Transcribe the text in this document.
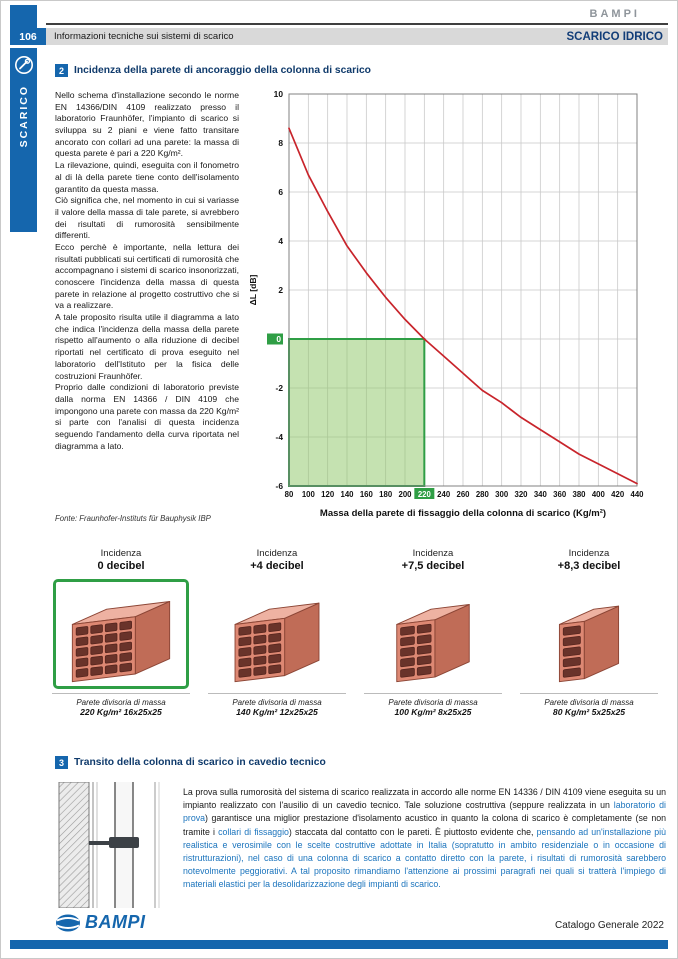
106
BAMPI
Informazioni tecniche sui sistemi di scarico	SCARICO IDRICO
SCARICO
2 Incidenza della parete di ancoraggio della colonna di scarico

Nello schema d'installazione secondo le norme EN 14366/DIN 4109 realizzato presso il laboratorio Fraunhöfer, l'impianto di scarico si sviluppa su 2 piani e viene fatto transitare ancorato con collari ad una parete: la massa di questa parete è pari a 220 Kg/m².

La rilevazione, quindi, eseguita con il fonometro al di là della parete tiene conto dell'isolamento garantito da questa massa.

Ciò significa che, nel momento in cui si variasse il valore della massa di tale parete, si avrebbero dei risultati di rumorosità sensibilmente differenti.

Ecco perchè è importante, nella lettura dei risultati pubblicati sui certificati di rumorosità che accompagnano i sistemi di scarico insonorizzati, conoscere l'incidenza della massa di questa parete in relazione al progetto costruttivo che si va a realizzare.

A tale proposito risulta utile il diagramma a lato che indica l'incidenza della massa della parete rispetto all'aumento o alla riduzione di decibel riportati nel certificato di prova eseguito nel laboratorio dell'Istituto per la fisica delle costruzioni Fraunhöfer.

Proprio dalle condizioni di laboratorio previste dalla norma EN 14366 / DIN 4109 che impongono una parete con massa da 220 Kg/m² si parte con l'analisi di questa incidenza seguendo l'andamento della curva riportata nel diagramma a lato.

Fonte: Fraunhofer-Instituts für Bauphysik IBP
80 100 120 140 160 180 200 220 240 260 280 300 320 340 360 380 400 420 440
10
8
6
4
2
0
-2
-4
-6
ΔL [dB]
Massa della parete di fissaggio della colonna di scarico (Kg/m²)
Incidenza
0 decibel
Parete divisoria di massa
220 Kg/m² 16x25x25
Incidenza
+4 decibel
Parete divisoria di massa
140 Kg/m² 12x25x25
Incidenza
+7,5 decibel
Parete divisoria di massa
100 Kg/m² 8x25x25
Incidenza
+8,3 decibel
Parete divisoria di massa
80 Kg/m² 5x25x25
3 Transito della colonna di scarico in cavedio tecnico

La prova sulla rumorosità del sistema di scarico realizzata in accordo alle norme EN 14336 / DIN 4109 viene eseguita su un impianto realizzato con l'ausilio di un cavedio tecnico. Tale soluzione costruttiva (seppure realizzata in un laboratorio di prova) garantisce una miglior prestazione d'isolamento acustico in quanto la colona di scarico è completamente (se non tramite i collari di fissaggio) staccata dal contatto con le pareti. È piuttosto evidente che, pensando ad un'installazione più realistica e verosimile con le scelte costruttive adottate in Italia (sopratutto in ambito residenziale o in occasione di ristrutturazioni), nel caso di una colonna di scarico a contatto diretto con la parete, i risultati di rumorosità sarebbero notevolmente peggiorativi. A tal proposito rimandiamo l'attenzione ai prossimi paragrafi nei quali si tratterà l'impiego di materiali elastici per la desolidarizzazione degli impianti di scarico.

BAMPI	Catalogo Generale 2022
